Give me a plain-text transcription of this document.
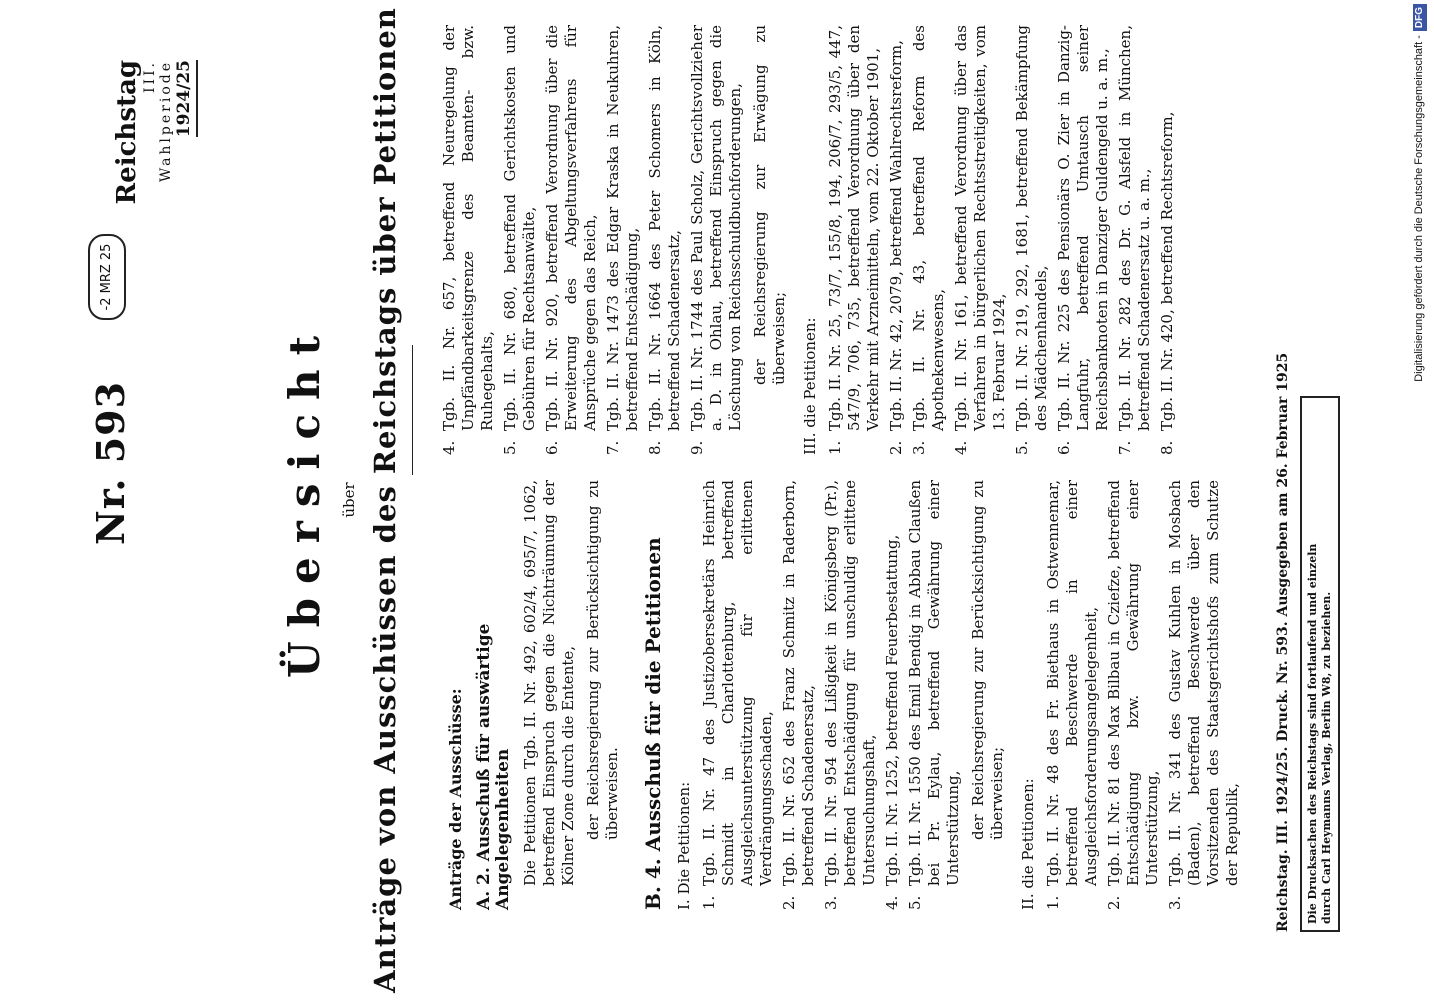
Nr. 593
-2 MRZ 25
Reichstag III. Wahlperiode 1924/25
Übersicht über Anträge von Ausschüssen des Reichstags über Petitionen	Anträge der Ausschüsse: A. 2. Ausschuß für auswärtige Angelegenheiten Die Petitionen Tgb. II. Nr. 492, 602/4, 695/7, 1062, betreffend Einspruch gegen die Nichträumung der Kölner Zone durch die Entente, der Reichsregierung zur Berücksichtigung zu überweisen. B. 4. Ausschuß für die Petitionen I. Die Petitionen: 1.
Tgb. II. Nr. 47 des Justizobersekretärs Heinrich Schmidt in Charlottenburg, betreffend Ausgleichsunterstützung für erlittenen Verdrängungsschaden,
2.
Tgb. II. Nr. 652 des Franz Schmitz in Paderborn, betreffend Schadenersatz,
3.
Tgb. II. Nr. 954 des Lißigkeit in Königsberg (Pr.), betreffend Entschädigung für unschuldig erlittene Untersuchungshaft,
4.
Tgb. II. Nr. 1252, betreffend Feuerbestattung,
5.
Tgb. II. Nr. 1550 des Emil Bendig in Abbau Claußen bei Pr. Eylau, betreffend Gewährung einer Unterstützung, der Reichsregierung zur Berücksichtigung zu überweisen; II. die Petitionen: 1.
Tgb. II. Nr. 48 des Fr. Biethaus in Ostwennemar, betreffend Beschwerde in einer Ausgleichsforderungsangelegenheit,
2.
Tgb. II. Nr. 81 des Max Bilbau in Cziefze, betreffend Entschädigung bzw. Gewährung einer Unterstützung,
3.
Tgb. II. Nr. 341 des Gustav Kuhlen in Mosbach (Baden), betreffend Beschwerde über den Vorsitzenden des Staatsgerichtshofs zum Schutze der Republik,
4.
Tgb. II. Nr. 657, betreffend Neuregelung der Unpfändbarkeitsgrenze des Beamten- bzw. Ruhegehalts,
5.
Tgb. II. Nr. 680, betreffend Gerichtskosten und Gebühren für Rechtsanwälte,
6.
Tgb. II. Nr. 920, betreffend Verordnung über die Erweiterung des Abgeltungsverfahrens für Ansprüche gegen das Reich,
7.
Tgb. II. Nr. 1473 des Edgar Kraska in Neukuhren, betreffend Entschädigung,
8.
Tgb. II. Nr. 1664 des Peter Schomers in Köln, betreffend Schadenersatz,
9.
Tgb. II. Nr. 1744 des Paul Scholz, Gerichtsvollzieher a. D. in Ohlau, betreffend Einspruch gegen die Löschung von Reichsschuldbuchforderungen, der Reichsregierung zur Erwägung zu überweisen; III. die Petitionen: 1.
Tgb. II. Nr. 25, 73/7, 155/8, 194, 206/7, 293/5, 447, 547/9, 706, 735, betreffend Verordnung über den Verkehr mit Arzneimitteln, vom 22. Oktober 1901,
2.
Tgb. II. Nr. 42, 2079, betreffend Wahlrechtsreform,
3.
Tgb. II. Nr. 43, betreffend Reform des Apothekenwesens,
4.
Tgb. II. Nr. 161, betreffend Verordnung über das Verfahren in bürgerlichen Rechtsstreitigkeiten, vom 13. Februar 1924,
5.
Tgb. II. Nr. 219, 292, 1681, betreffend Bekämpfung des Mädchenhandels,
6.
Tgb. II. Nr. 225 des Pensionärs O. Zier in Danzig-Langfuhr, betreffend Umtausch seiner Reichsbanknoten in Danziger Guldengeld u. a. m.,
7.
Tgb. II. Nr. 282 des Dr. G. Alsfeld in München, betreffend Schadenersatz u. a. m.,
8.
Tgb. II. Nr. 420, betreffend Rechtsreform,
Reichstag. III. 1924/25. Druck. Nr. 593. Ausgegeben am 26. Februar 1925 Die Drucksachen des Reichstags sind fortlaufend und einzeln durch Carl Heymanns Verlag, Berlin W8, zu beziehen.
Digitalisierung gefördert durch die Deutsche Forschungsgemeinschaft -DFG
